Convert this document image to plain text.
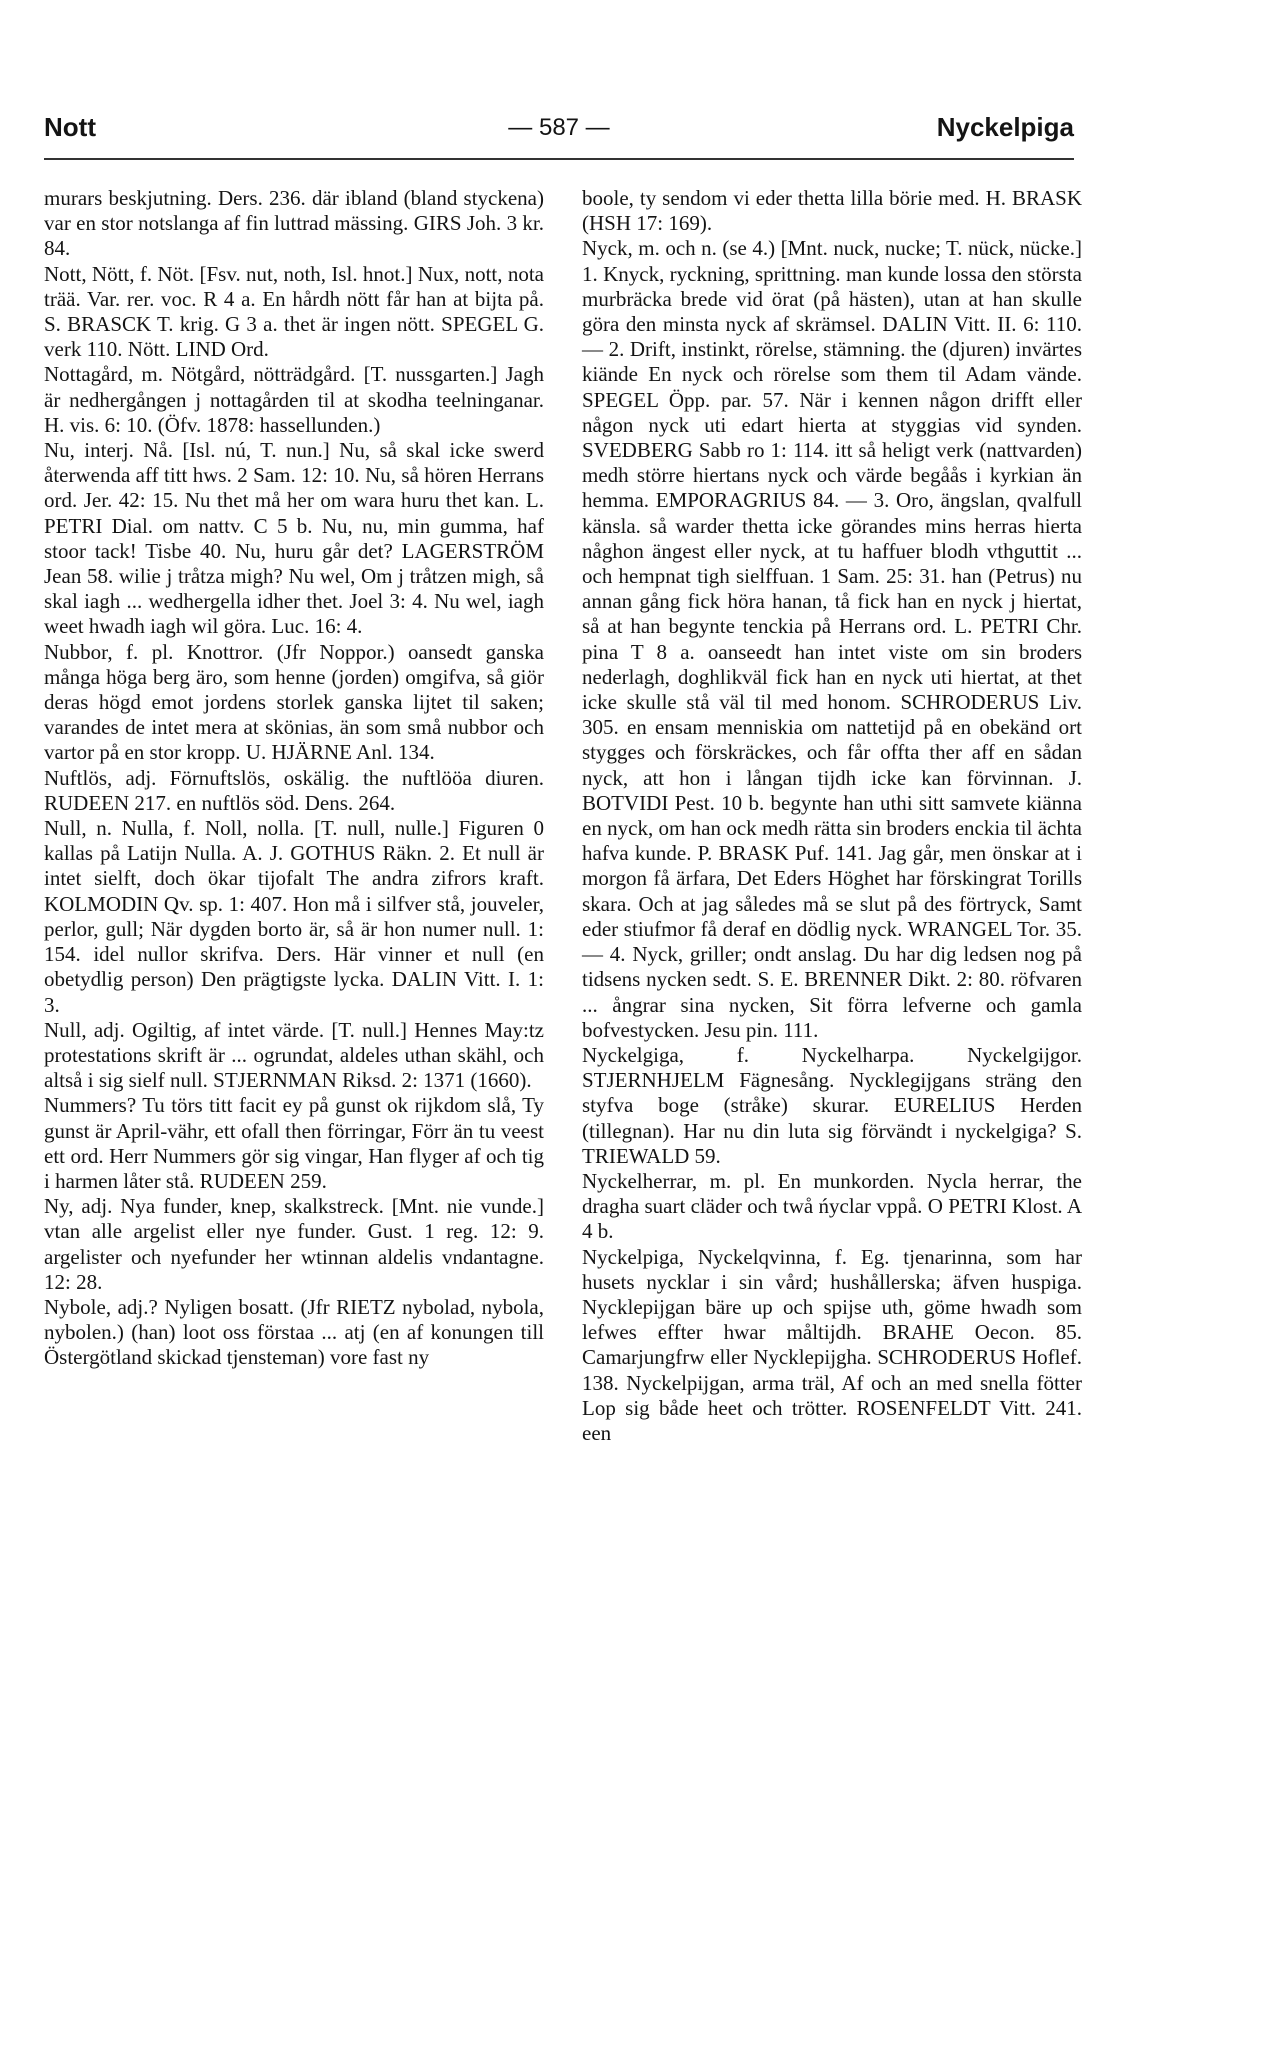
Nott	— 587 —	Nyckelpiga

murars beskjutning. Ders. 236. där ibland (bland styckena) var en stor notslanga af fin luttrad mässing. GIRS Joh. 3 kr. 84.

Nott, Nött, f. Nöt. [Fsv. nut, noth, Isl. hnot.] Nux, nott, nota trää. Var. rer. voc. R 4 a. En hårdh nött får han at bijta på. S. BRASCK T. krig. G 3 a. thet är ingen nött. SPEGEL G. verk 110. Nött. LIND Ord.

Nottagård, m. Nötgård, nötträdgård. [T. nussgarten.] Jagh är nedhergången j nottagården til at skodha teelninganar. H. vis. 6: 10. (Öfv. 1878: hassellunden.)

Nu, interj. Nå. [Isl. nú, T. nun.] Nu, så skal icke swerd återwenda aff titt hws. 2 Sam. 12: 10. Nu, så hören Herrans ord. Jer. 42: 15. Nu thet må her om wara huru thet kan. L. PETRI Dial. om nattv. C 5 b. Nu, nu, min gumma, haf stoor tack! Tisbe 40. Nu, huru går det? LAGERSTRÖM Jean 58. wilie j tråtza migh? Nu wel, Om j tråtzen migh, så skal iagh ... wedhergella idher thet. Joel 3: 4. Nu wel, iagh weet hwadh iagh wil göra. Luc. 16: 4.

Nubbor, f. pl. Knottror. (Jfr Noppor.) oansedt ganska många höga berg äro, som henne (jorden) omgifva, så giör deras högd emot jordens storlek ganska lijtet til saken; varandes de intet mera at skönias, än som små nubbor och vartor på en stor kropp. U. HJÄRNE Anl. 134.

Nuftlös, adj. Förnuftslös, oskälig. the nuftlööa diuren. RUDEEN 217. en nuftlös söd. Dens. 264.

Null, n. Nulla, f. Noll, nolla. [T. null, nulle.] Figuren 0 kallas på Latijn Nulla. A. J. GOTHUS Räkn. 2. Et null är intet sielft, doch ökar tijofalt The andra zifrors kraft. KOLMODIN Qv. sp. 1: 407. Hon må i silfver stå, jouveler, perlor, gull; När dygden borto är, så är hon numer null. 1: 154. idel nullor skrifva. Ders. Här vinner et null (en obetydlig person) Den prägtigste lycka. DALIN Vitt. I. 1: 3.

Null, adj. Ogiltig, af intet värde. [T. null.] Hennes May:tz protestations skrift är ... ogrundat, aldeles uthan skähl, och altså i sig sielf null. STJERNMAN Riksd. 2: 1371 (1660).

Nummers? Tu törs titt facit ey på gunst ok rijkdom slå, Ty gunst är April-vähr, ett ofall then förringar, Förr än tu veest ett ord. Herr Nummers gör sig vingar, Han flyger af och tig i harmen låter stå. RUDEEN 259.

Ny, adj. Nya funder, knep, skalkstreck. [Mnt. nie vunde.] vtan alle argelist eller nye funder. Gust. 1 reg. 12: 9. argelister och nyefunder her wtinnan aldelis vndantagne. 12: 28.

Nybole, adj.? Nyligen bosatt. (Jfr RIETZ nybolad, nybola, nybolen.) (han) loot oss förstaa ... atj (en af konungen till Östergötland skickad tjensteman) vore fast ny

boole, ty sendom vi eder thetta lilla börie med. H. BRASK (HSH 17: 169).

Nyck, m. och n. (se 4.) [Mnt. nuck, nucke; T. nück, nücke.] 1. Knyck, ryckning, sprittning. man kunde lossa den största murbräcka brede vid örat (på hästen), utan at han skulle göra den minsta nyck af skrämsel. DALIN Vitt. II. 6: 110. — 2. Drift, instinkt, rörelse, stämning. the (djuren) invärtes kiände En nyck och rörelse som them til Adam vände. SPEGEL Öpp. par. 57. När i kennen någon drifft eller någon nyck uti edart hierta at styggias vid synden. SVEDBERG Sabb ro 1: 114. itt så heligt verk (nattvarden) medh större hiertans nyck och värde begåås i kyrkian än hemma. EMPORAGRIUS 84. — 3. Oro, ängslan, qvalfull känsla. så warder thetta icke görandes mins herras hierta någhon ängest eller nyck, at tu haffuer blodh vthguttit ... och hempnat tigh sielffuan. 1 Sam. 25: 31. han (Petrus) nu annan gång fick höra hanan, tå fick han en nyck j hiertat, så at han begynte tenckia på Herrans ord. L. PETRI Chr. pina T 8 a. oanseedt han intet viste om sin broders nederlagh, doghlikväl fick han en nyck uti hiertat, at thet icke skulle stå väl til med honom. SCHRODERUS Liv. 305. en ensam menniskia om nattetijd på en obekänd ort stygges och förskräckes, och får offta ther aff en sådan nyck, att hon i långan tijdh icke kan förvinnan. J. BOTVIDI Pest. 10 b. begynte han uthi sitt samvete kiänna en nyck, om han ock medh rätta sin broders enckia til ächta hafva kunde. P. BRASK Puf. 141. Jag går, men önskar at i morgon få ärfara, Det Eders Höghet har förskingrat Torills skara. Och at jag således må se slut på des förtryck, Samt eder stiufmor få deraf en dödlig nyck. WRANGEL Tor. 35. — 4. Nyck, griller; ondt anslag. Du har dig ledsen nog på tidsens nycken sedt. S. E. BRENNER Dikt. 2: 80. röfvaren ... ångrar sina nycken, Sit förra lefverne och gamla bofvestycken. Jesu pin. 111.

Nyckelgiga, f. Nyckelharpa. Nyckelgijgor. STJERNHJELM Fägnesång. Nycklegijgans sträng den styfva boge (stråke) skurar. EURELIUS Herden (tillegnan). Har nu din luta sig förvändt i nyckelgiga? S. TRIEWALD 59.

Nyckelherrar, m. pl. En munkorden. Nycla herrar, the dragha suart cläder och twå ńyclar vppå. O PETRI Klost. A 4 b.

Nyckelpiga, Nyckelqvinna, f. Eg. tjenarinna, som har husets nycklar i sin vård; hushållerska; äfven huspiga. Nycklepijgan bäre up och spijse uth, göme hwadh som lefwes effter hwar måltijdh. BRAHE Oecon. 85. Camarjungfrw eller Nycklepijgha. SCHRODERUS Hoflef. 138. Nyckelpijgan, arma träl, Af och an med snella fötter Lop sig både heet och trötter. ROSENFELDT Vitt. 241. een
